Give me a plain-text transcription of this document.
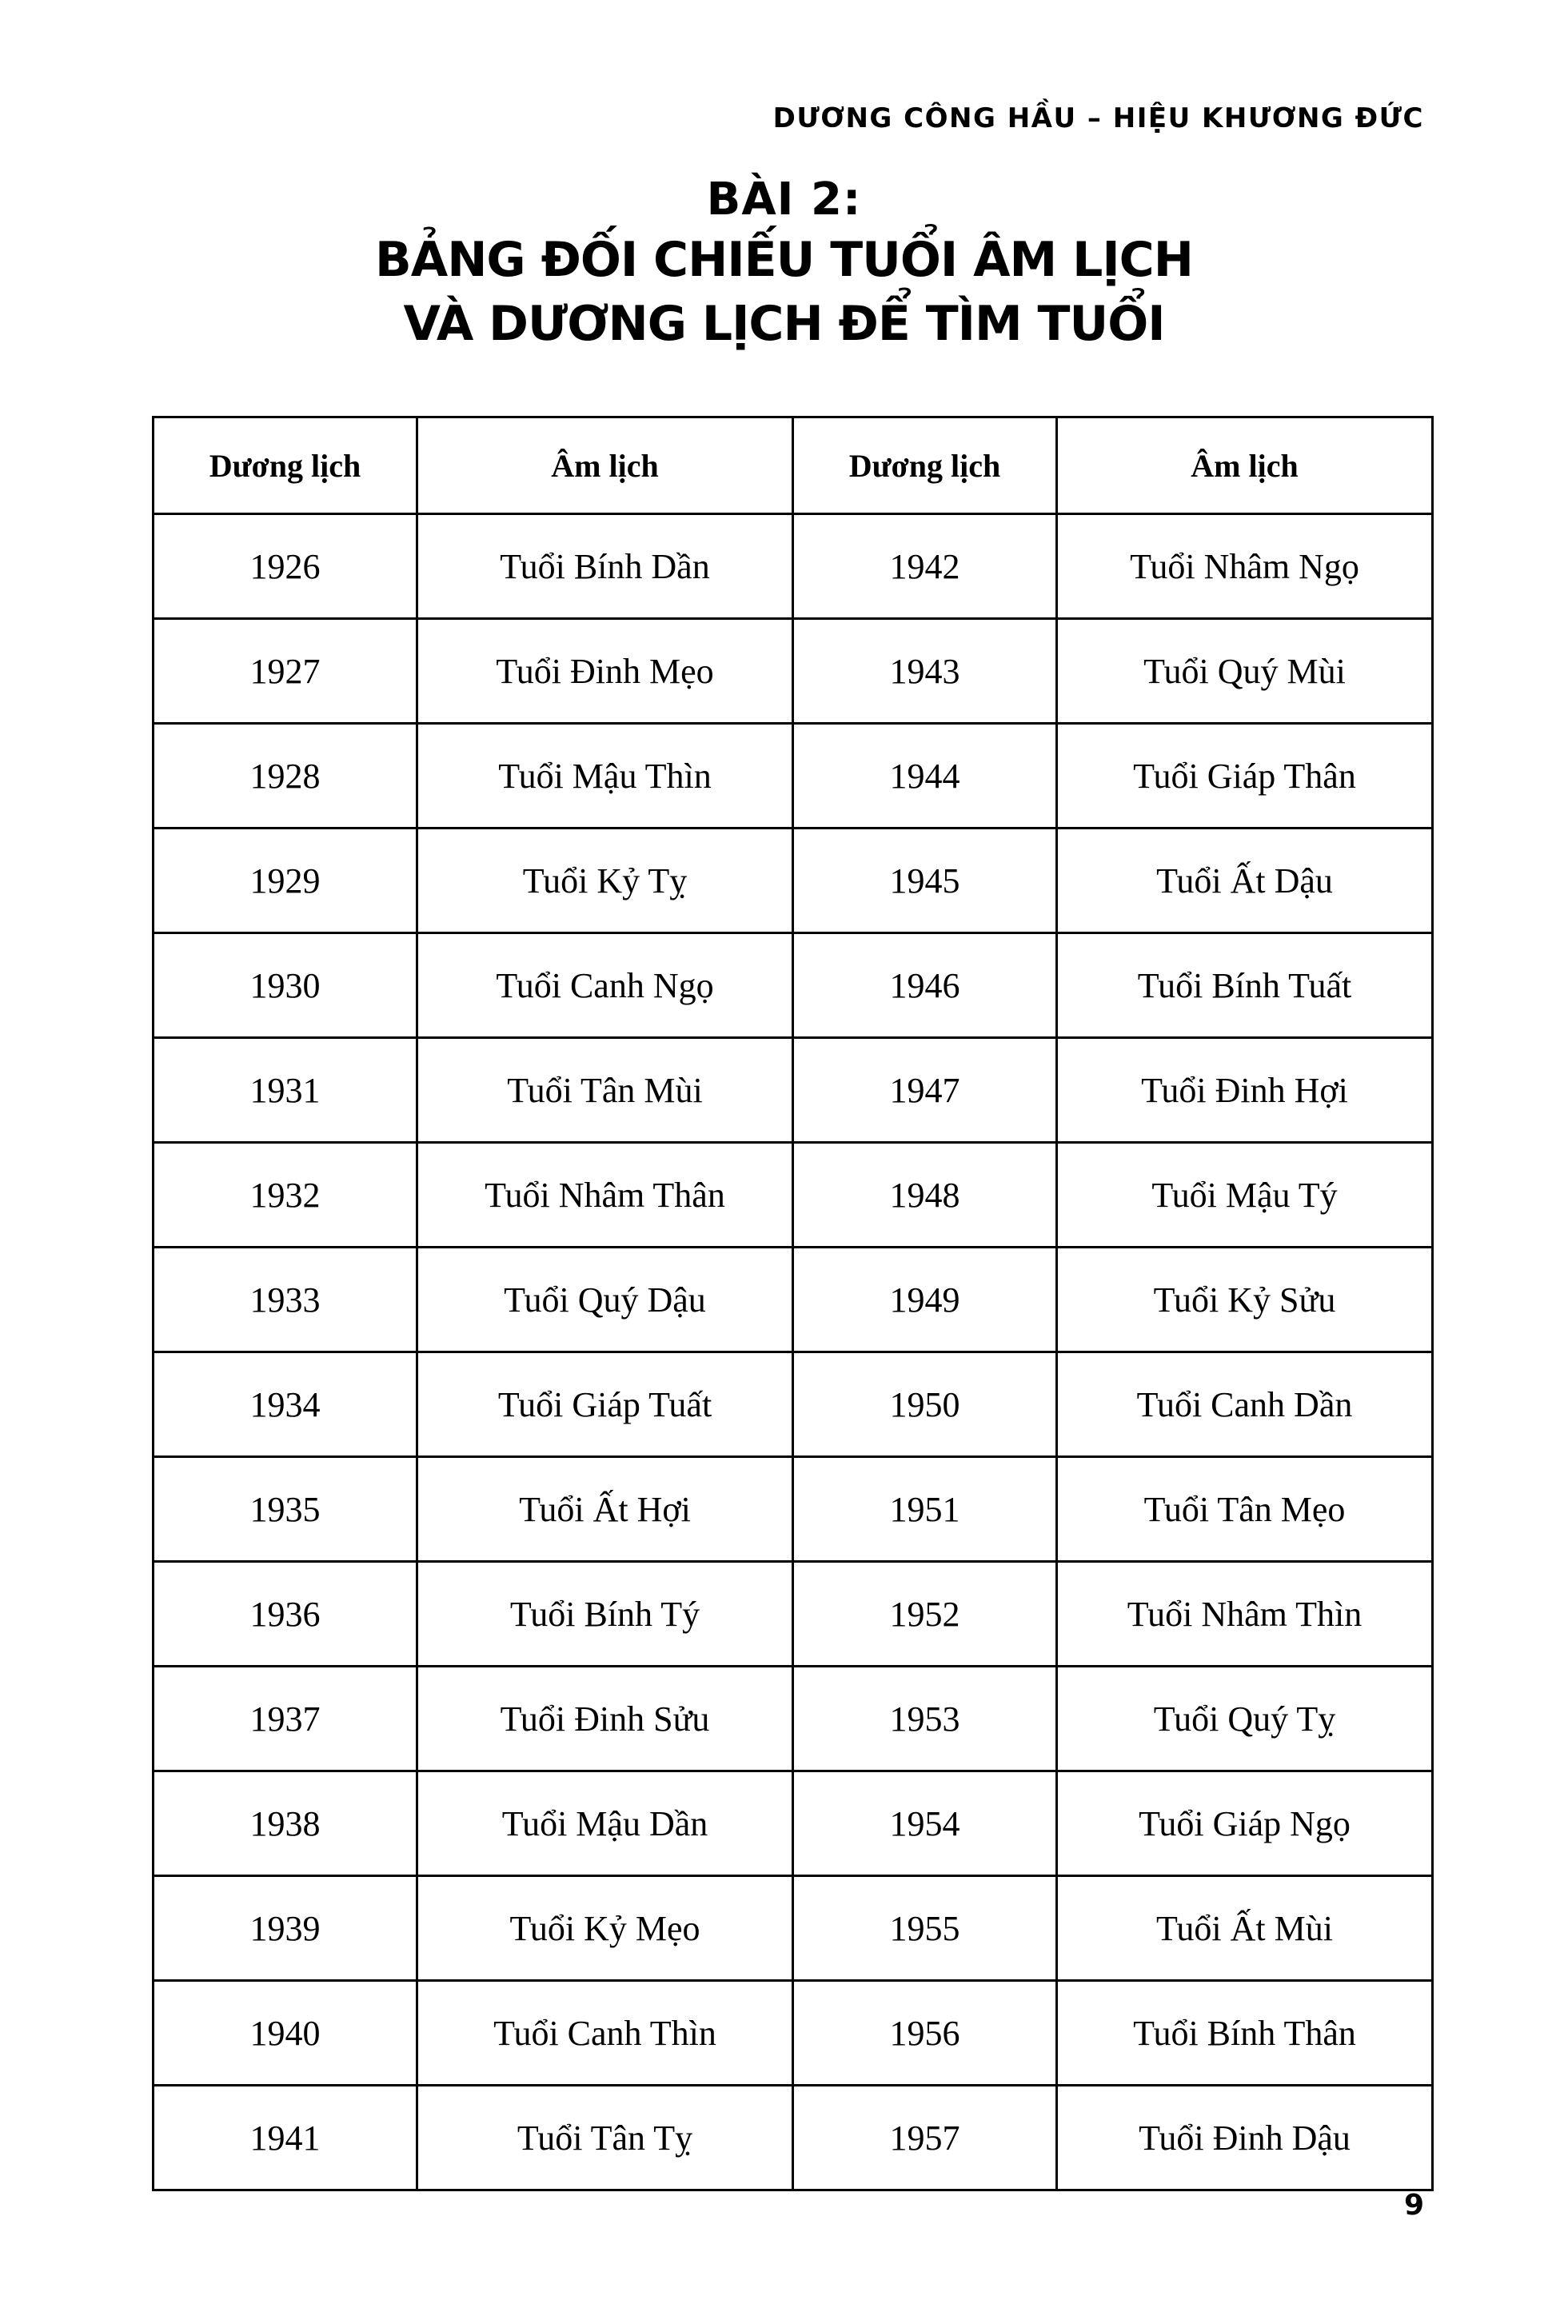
DƯƠNG CÔNG HẦU – HIỆU KHƯƠNG ĐỨC
BÀI 2:
BẢNG ĐỐI CHIẾU TUỔI ÂM LỊCH
VÀ DƯƠNG LỊCH ĐỂ TÌM TUỔI
Dương lịch	Âm lịch	Dương lịch	Âm lịch
1926	Tuổi Bính Dần	1942	Tuổi Nhâm Ngọ
1927	Tuổi Đinh Mẹo	1943	Tuổi Quý Mùi
1928	Tuổi Mậu Thìn	1944	Tuổi Giáp Thân
1929	Tuổi Kỷ Tỵ	1945	Tuổi Ất Dậu
1930	Tuổi Canh Ngọ	1946	Tuổi Bính Tuất
1931	Tuổi Tân Mùi	1947	Tuổi Đinh Hợi
1932	Tuổi Nhâm Thân	1948	Tuổi Mậu Tý
1933	Tuổi Quý Dậu	1949	Tuổi Kỷ Sửu
1934	Tuổi Giáp Tuất	1950	Tuổi Canh Dần
1935	Tuổi Ất Hợi	1951	Tuổi Tân Mẹo
1936	Tuổi Bính Tý	1952	Tuổi Nhâm Thìn
1937	Tuổi Đinh Sửu	1953	Tuổi Quý Tỵ
1938	Tuổi Mậu Dần	1954	Tuổi Giáp Ngọ
1939	Tuổi Kỷ Mẹo	1955	Tuổi Ất Mùi
1940	Tuổi Canh Thìn	1956	Tuổi Bính Thân
1941	Tuổi Tân Tỵ	1957	Tuổi Đinh Dậu
9
